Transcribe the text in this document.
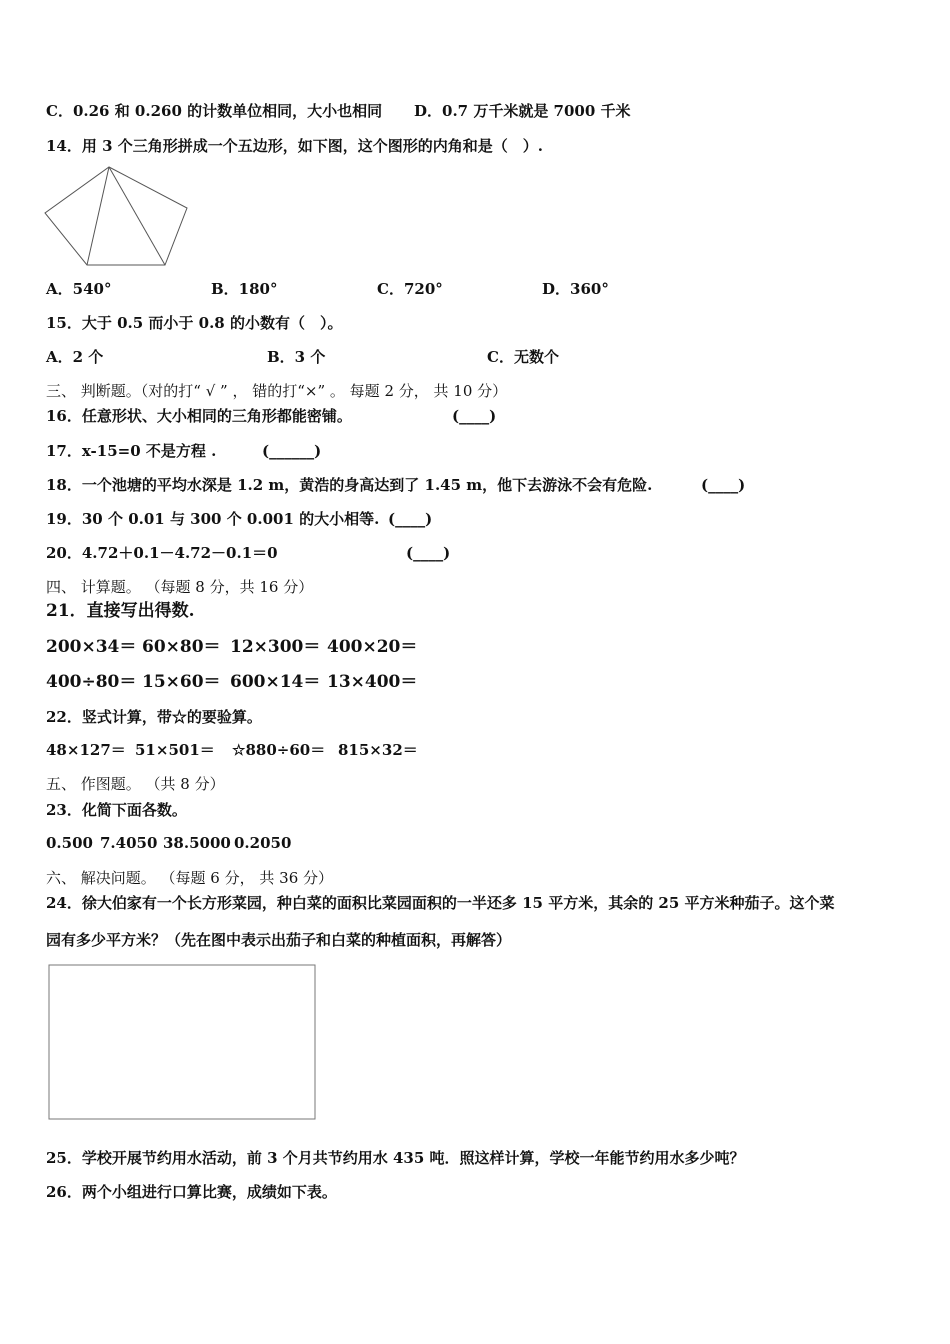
C．0.26 和 0.260 的计数单位相同，大小也相同 D．0.7 万千米就是 7000 千米
14．用 3 个三角形拼成一个五边形，如下图，这个图形的内角和是（　）.
A．540°	B．180°	C．720°	D．360°
15．大于 0.5 而小于 0.8 的小数有（　）。
A．2 个	B．3 个	C．无数个
三、 判断题。（对的打“ √ ” ， 错的打“×” 。 每题 2 分， 共 10 分）
16．任意形状、大小相同的三角形都能密铺。	(____)
17．x-15=0 不是方程 .	(______)
18．一个池塘的平均水深是 1.2 m，黄浩的身高达到了 1.45 m，他下去游泳不会有危险.	(____)
19．30 个 0.01 与 300 个 0.001 的大小相等. (____)
20．4.72＋0.1－4.72－0.1＝0	(____)
四、 计算题。 （每题 8 分，共 16 分）
21．直接写出得数.
200×34＝ 60×80＝ 12×300＝ 400×20＝
400÷80＝ 15×60＝ 600×14＝ 13×400＝
22．竖式计算，带☆的要验算。
48×127＝ 51×501＝ ☆880÷60＝ 815×32＝
五、 作图题。 （共 8 分）
23．化简下面各数。
0.500 7.4050 38.5000 0.2050
六、 解决问题。 （每题 6 分， 共 36 分）
24．徐大伯家有一个长方形菜园，种白菜的面积比菜园面积的一半还多 15 平方米，其余的 25 平方米种茄子。这个菜
园有多少平方米？（先在图中表示出茄子和白菜的种植面积，再解答）
25．学校开展节约用水活动，前 3 个月共节约用水 435 吨．照这样计算，学校一年能节约用水多少吨？
26．两个小组进行口算比赛，成绩如下表。
